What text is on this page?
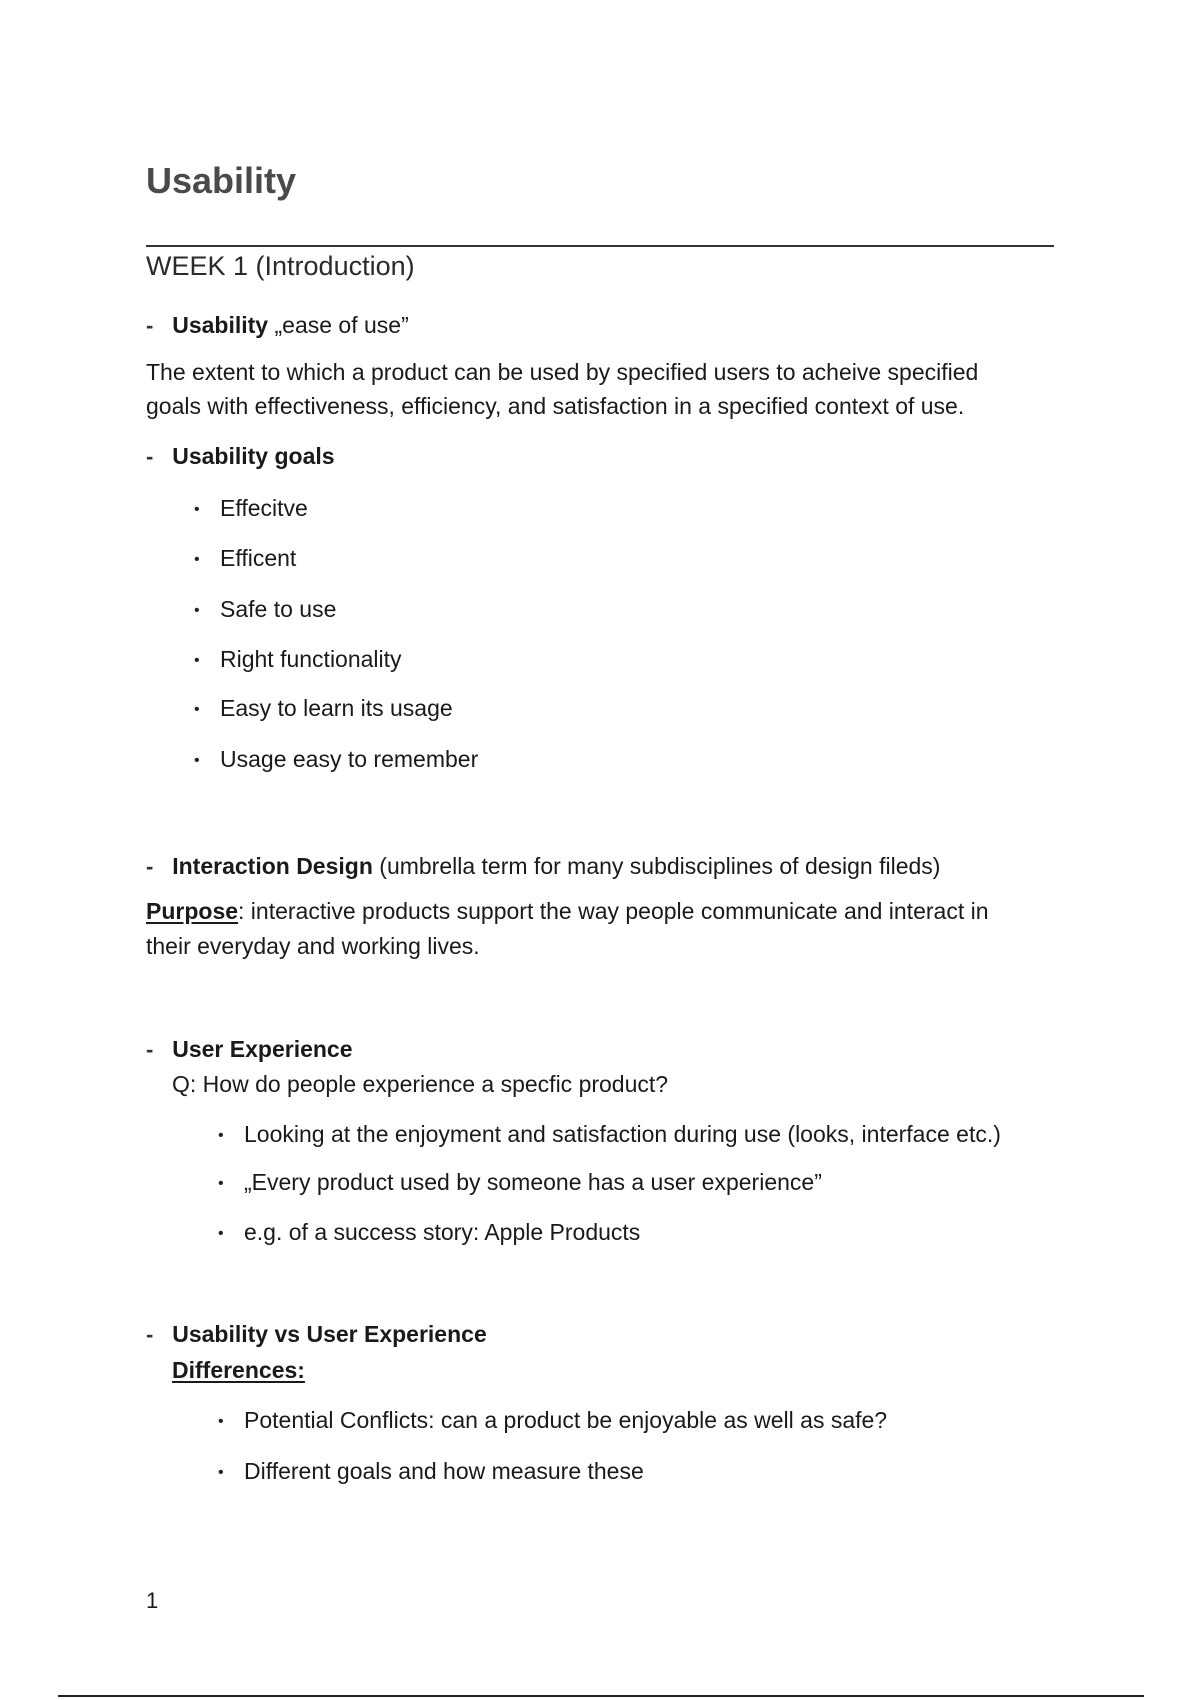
Usability
WEEK 1 (Introduction)
- Usability „ease of use”
The extent to which a product can be used by specified users to acheive specified
goals with effectiveness, efficiency, and satisfaction in a specified context of use.
- Usability goals
• Effecitve
• Efficent
• Safe to use
• Right functionality
• Easy to learn its usage
• Usage easy to remember
- Interaction Design (umbrella term for many subdisciplines of design fileds)
Purpose: interactive products support the way people communicate and interact in
their everyday and working lives.
- User Experience
Q: How do people experience a specfic product?
• Looking at the enjoyment and satisfaction during use (looks, interface etc.)
• „Every product used by someone has a user experience”
• e.g. of a success story: Apple Products
- Usability vs User Experience
Differences:
• Potential Conflicts: can a product be enjoyable as well as safe?
• Different goals and how measure these
1
